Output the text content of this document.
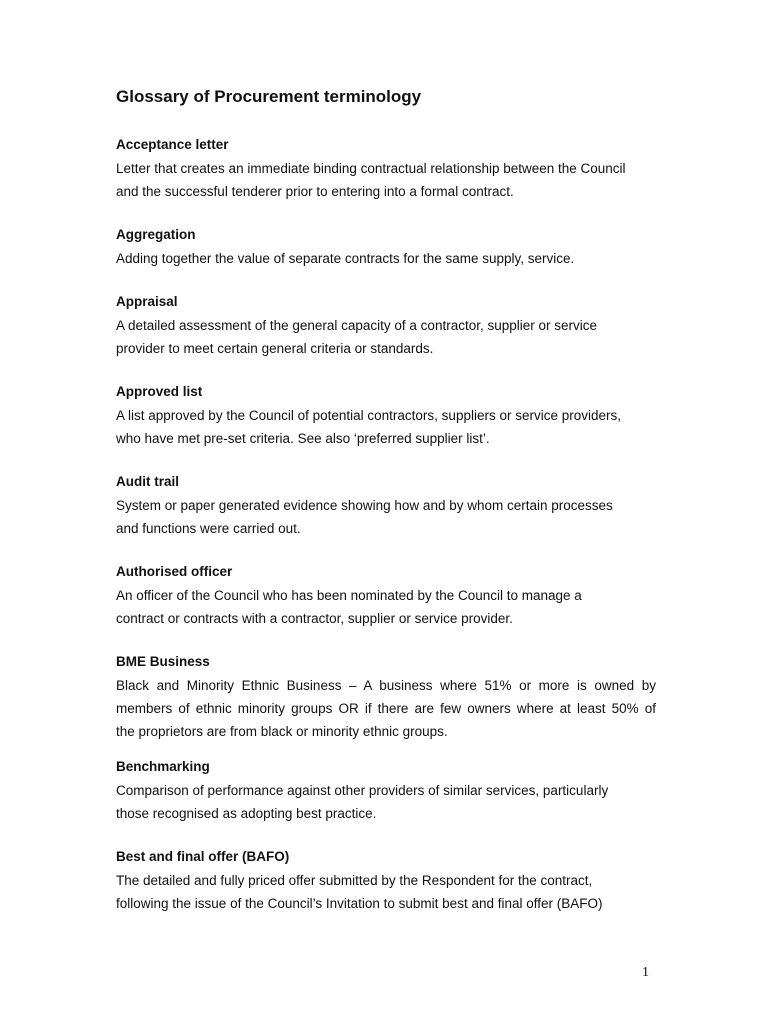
Glossary of Procurement terminology
Acceptance letter
Letter that creates an immediate binding contractual relationship between the Council
and the successful tenderer prior to entering into a formal contract.
Aggregation
Adding together the value of separate contracts for the same supply, service.
Appraisal
A detailed assessment of the general capacity of a contractor, supplier or service
provider to meet certain general criteria or standards.
Approved list
A list approved by the Council of potential contractors, suppliers or service providers,
who have met pre-set criteria. See also ‘preferred supplier list’.
Audit trail
System or paper generated evidence showing how and by whom certain processes
and functions were carried out.
Authorised officer
An officer of the Council who has been nominated by the Council to manage a
contract or contracts with a contractor, supplier or service provider.
BME Business
Black and Minority Ethnic Business – A business where 51% or more is owned by
members of ethnic minority groups OR if there are few owners where at least 50% of
the proprietors are from black or minority ethnic groups.
Benchmarking
Comparison of performance against other providers of similar services, particularly
those recognised as adopting best practice.
Best and final offer (BAFO)
The detailed and fully priced offer submitted by the Respondent for the contract,
following the issue of the Council’s Invitation to submit best and final offer (BAFO)
1
